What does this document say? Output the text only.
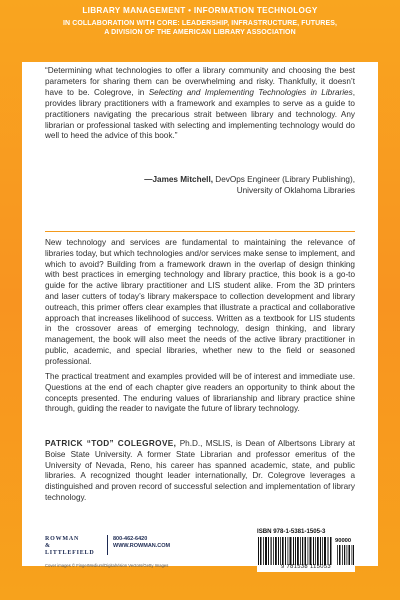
LIBRARY MANAGEMENT • INFORMATION TECHNOLOGY
IN COLLABORATION WITH CORE: LEADERSHIP, INFRASTRUCTURE, FUTURES,
A DIVISION OF THE AMERICAN LIBRARY ASSOCIATION
“Determining what technologies to offer a library community and choosing the best parameters for sharing them can be overwhelming and risky. Thankfully, it doesn’t have to be. Colegrove, in Selecting and Implementing Technologies in Libraries, provides library practitioners with a framework and examples to serve as a guide to practitioners navigating the precarious strait between library and technology. Any librarian or professional tasked with selecting and implementing technology would do well to heed the advice of this book.”
—James Mitchell, DevOps Engineer (Library Publishing),
University of Oklahoma Libraries
New technology and services are fundamental to maintaining the relevance of libraries today, but which technologies and/or services make sense to implement, and which to avoid? Building from a framework drawn in the overlap of design thinking with best practices in emerging technology and library practice, this book is a go-to guide for the active library practitioner and LIS student alike. From the 3D printers and laser cutters of today’s library makerspace to collection development and library outreach, this primer offers clear examples that illustrate a practical and collaborative approach that increases likelihood of success. Written as a textbook for LIS students in the crossover areas of emerging technology, design thinking, and library management, the book will also meet the needs of the active library practitioner in public, academic, and special libraries, whether new to the field or seasoned professional.
The practical treatment and examples provided will be of interest and immediate use. Questions at the end of each chapter give readers an opportunity to think about the concepts presented. The enduring values of librarianship and library practice shine through, guiding the reader to navigate the future of library technology.
PATRICK “TOD” COLEGROVE, Ph.D., MSLIS, is Dean of Albertsons Library at Boise State University. A former State Librarian and professor emeritus of the University of Nevada, Reno, his career has spanned academic, state, and public libraries. A recognized thought leader internationally, Dr. Colegrove leverages a distinguished and proven record of successful selection and implementation of library technology.
ROWMAN
&
LITTLEFIELD
800-462-6420
WWW.ROWMAN.COM
Cover images © FingerMedium/DigitalVision Vectors/Getty Images
ISBN 978-1-5381-1505-3
90000
9 781538 115053
